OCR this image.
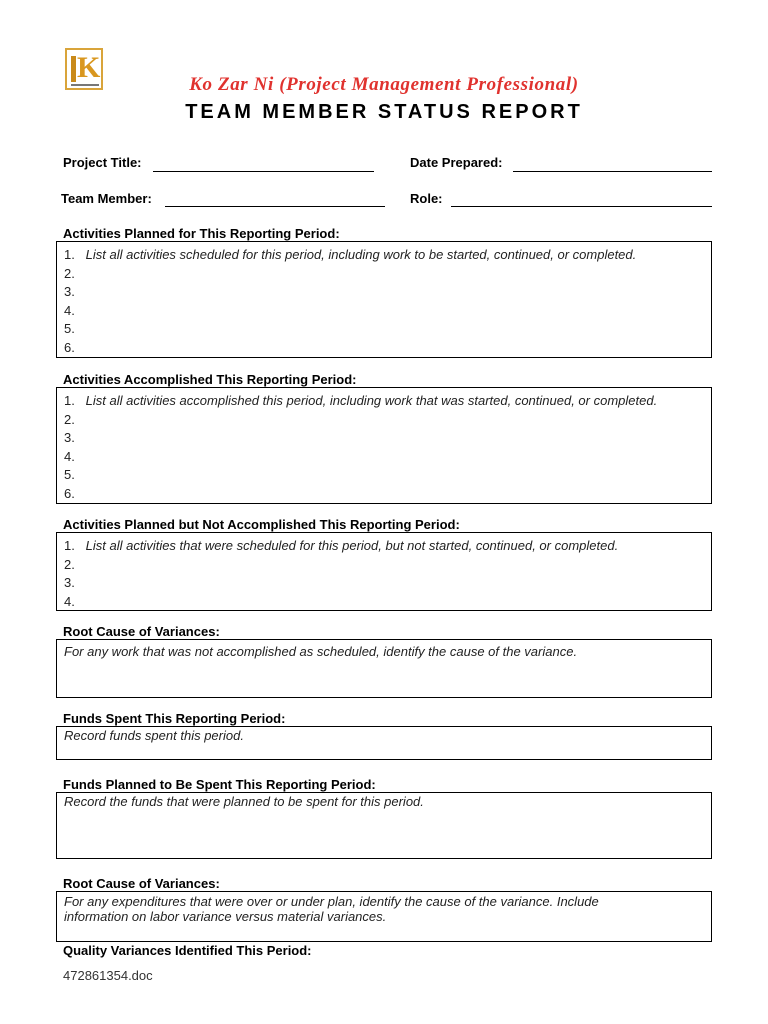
K
Ko Zar Ni (Project Management Professional)
TEAM MEMBER STATUS REPORT
Project Title:	Date Prepared:
Team Member:	Role:
Activities Planned for This Reporting Period:
1. List all activities scheduled for this period, including work to be started, continued, or completed.
2.
3.
4.
5.
6.
Activities Accomplished This Reporting Period:
1. List all activities accomplished this period, including work that was started, continued, or completed.
2.
3.
4.
5.
6.
Activities Planned but Not Accomplished This Reporting Period:
1. List all activities that were scheduled for this period, but not started, continued, or completed.
2.
3.
4.
Root Cause of Variances:

For any work that was not accomplished as scheduled, identify the cause of the variance.

Funds Spent This Reporting Period:

Record funds spent this period.

Funds Planned to Be Spent This Reporting Period:

Record the funds that were planned to be spent for this period.

Root Cause of Variances:

For any expenditures that were over or under plan, identify the cause of the variance. Include

information on labor variance versus material variances.

Quality Variances Identified This Period:
472861354.doc
